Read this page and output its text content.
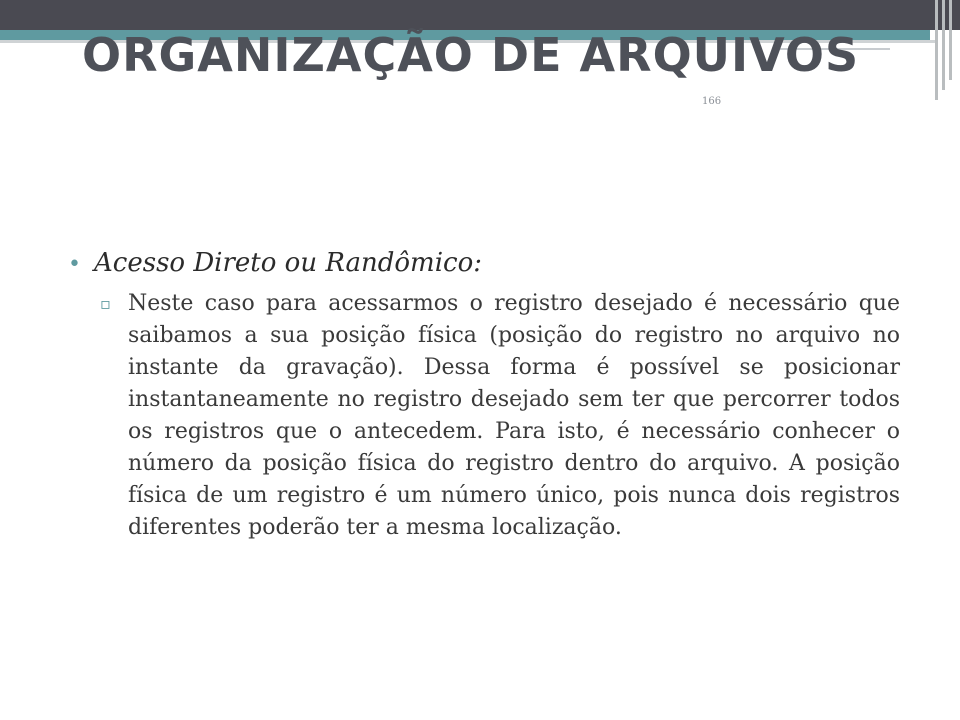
ORGANIZAÇÃO DE ARQUIVOS
166
• Acesso Direto ou Randômico:
▫ Neste caso para acessarmos o registro desejado é necessário que saibamos a sua posição física (posição do registro no arquivo no instante da gravação). Dessa forma é possível se posicionar instantaneamente no registro desejado sem ter que percorrer todos os registros que o antecedem. Para isto, é necessário conhecer o número da posição física do registro dentro do arquivo. A posição física de um registro é um número único, pois nunca dois registros diferentes poderão ter a mesma localização.
